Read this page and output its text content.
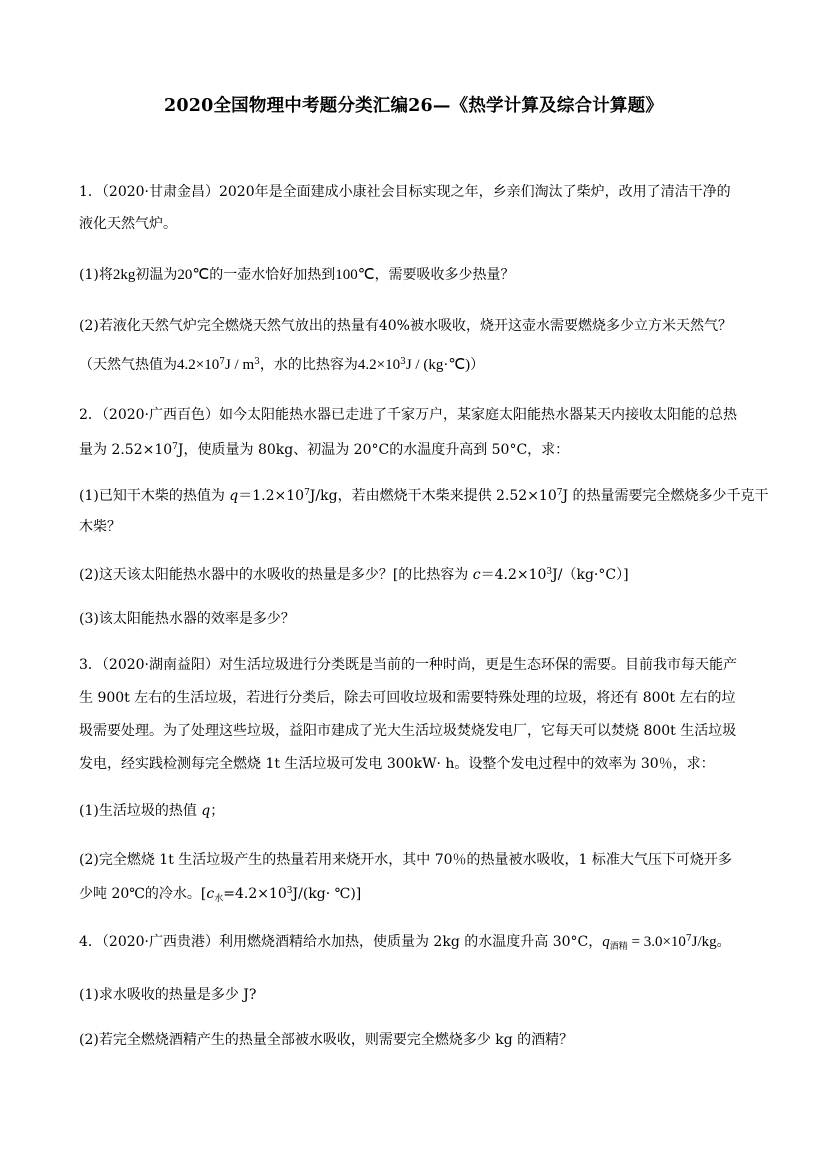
2020全国物理中考题分类汇编26—《热学计算及综合计算题》
1．（2020·甘肃金昌）2020年是全面建成小康社会目标实现之年，乡亲们淘汰了柴炉，改用了清洁干净的
液化天然气炉。
(1)将2kg初温为20℃的一壶水恰好加热到100℃，需要吸收多少热量？
(2)若液化天然气炉完全燃烧天然气放出的热量有40%被水吸收，烧开这壶水需要燃烧多少立方米天然气？
（天然气热值为$4.2\times 10^7J / m^3$，水的比热容为$4.2\times 10^3J$ / (kg·℃)）
2．（2020·广西百色）如今太阳能热水器已走进了千家万户，某家庭太阳能热水器某天内接收太阳能的总热
量为 $2.52\times 10^7J$，使质量为 80kg、初温为 20°C的水温度升高到 50°C，求：
(1)已知干木柴的热值为 $q=1.2\times 10^7J/kg$，若由燃烧干木柴来提供 $2.52\times 10^7J$ 的热量需要完全燃烧多少千克干
木柴？
(2)这天该太阳能热水器中的水吸收的热量是多少？[的比热容为 $c=4.2\times 10^3J/(kg\cdot^\circ C)$]
(3)该太阳能热水器的效率是多少？
3．（2020·湖南益阳）对生活垃圾进行分类既是当前的一种时尚，更是生态环保的需要。目前我市每天能产
生 900t 左右的生活垃圾，若进行分类后，除去可回收垃圾和需要特殊处理的垃圾，将还有 800t 左右的垃
圾需要处理。为了处理这些垃圾，益阳市建成了光大生活垃圾焚烧发电厂，它每天可以焚烧 800t 生活垃圾
发电，经实践检测每完全燃烧 1t 生活垃圾可发电 300kW· h。设整个发电过程中的效率为 30％，求：
(1)生活垃圾的热值 q；
(2)完全燃烧 1t 生活垃圾产生的热量若用来烧开水，其中 70％的热量被水吸收，1 标准大气压下可烧开多
少吨 20℃的冷水。[$c_水=4.2\times 10^3J/(kg\cdot$ ℃)]
4．（2020·广西贵港）利用燃烧酒精给水加热，使质量为 2kg 的水温度升高 30°C，$q_{酒精} = 3.0\times 10^7J/kg$。
(1)求水吸收的热量是多少 J?
(2)若完全燃烧酒精产生的热量全部被水吸收，则需要完全燃烧多少 kg 的酒精？
